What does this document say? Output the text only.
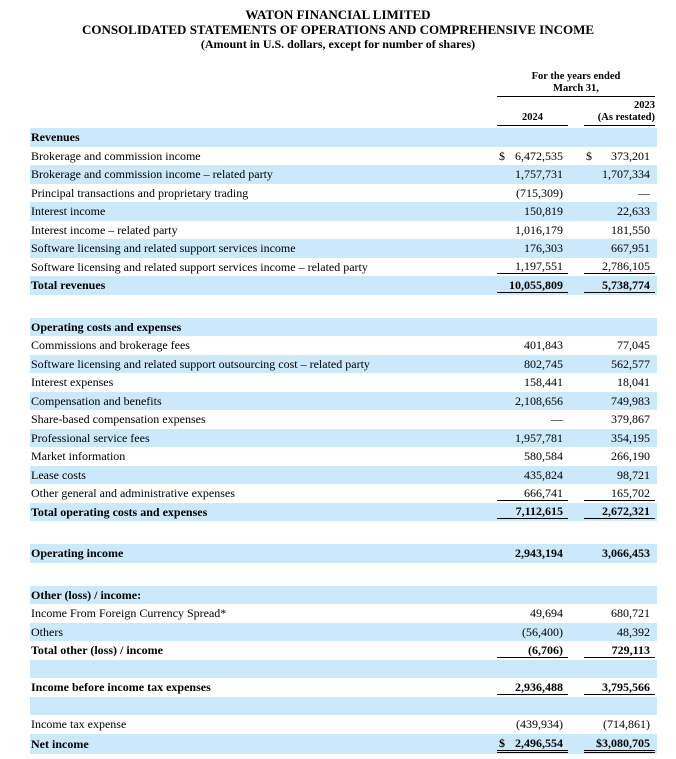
WATON FINANCIAL LIMITED
CONSOLIDATED STATEMENTS OF OPERATIONS AND COMPREHENSIVE INCOME
(Amount in U.S. dollars, except for number of shares)
For the years ended
March 31,
2024
2023
(As restated)
Revenues
Brokerage and commission income	$ 6,472,535	$ 373,201
Brokerage and commission income – related party	1,757,731	1,707,334
Principal transactions and proprietary trading	(715,309)	—
Interest income	150,819	22,633
Interest income – related party	1,016,179	181,550
Software licensing and related support services income	176,303	667,951
Software licensing and related support services income – related party	1,197,551	2,786,105
Total revenues	10,055,809	5,738,774
Operating costs and expenses
Commissions and brokerage fees	401,843	77,045
Software licensing and related support outsourcing cost – related party	802,745	562,577
Interest expenses	158,441	18,041
Compensation and benefits	2,108,656	749,983
Share-based compensation expenses	—	379,867
Professional service fees	1,957,781	354,195
Market information	580,584	266,190
Lease costs	435,824	98,721
Other general and administrative expenses	666,741	165,702
Total operating costs and expenses	7,112,615	2,672,321
Operating income	2,943,194	3,066,453
Other (loss) / income:
Income From Foreign Currency Spread*	49,694	680,721
Others	(56,400)	48,392
Total other (loss) / income	(6,706)	729,113
Income before income tax expenses	2,936,488	3,795,566
Income tax expense	(439,934)	(714,861)
Net income	$ 2,496,554	$3,080,705
